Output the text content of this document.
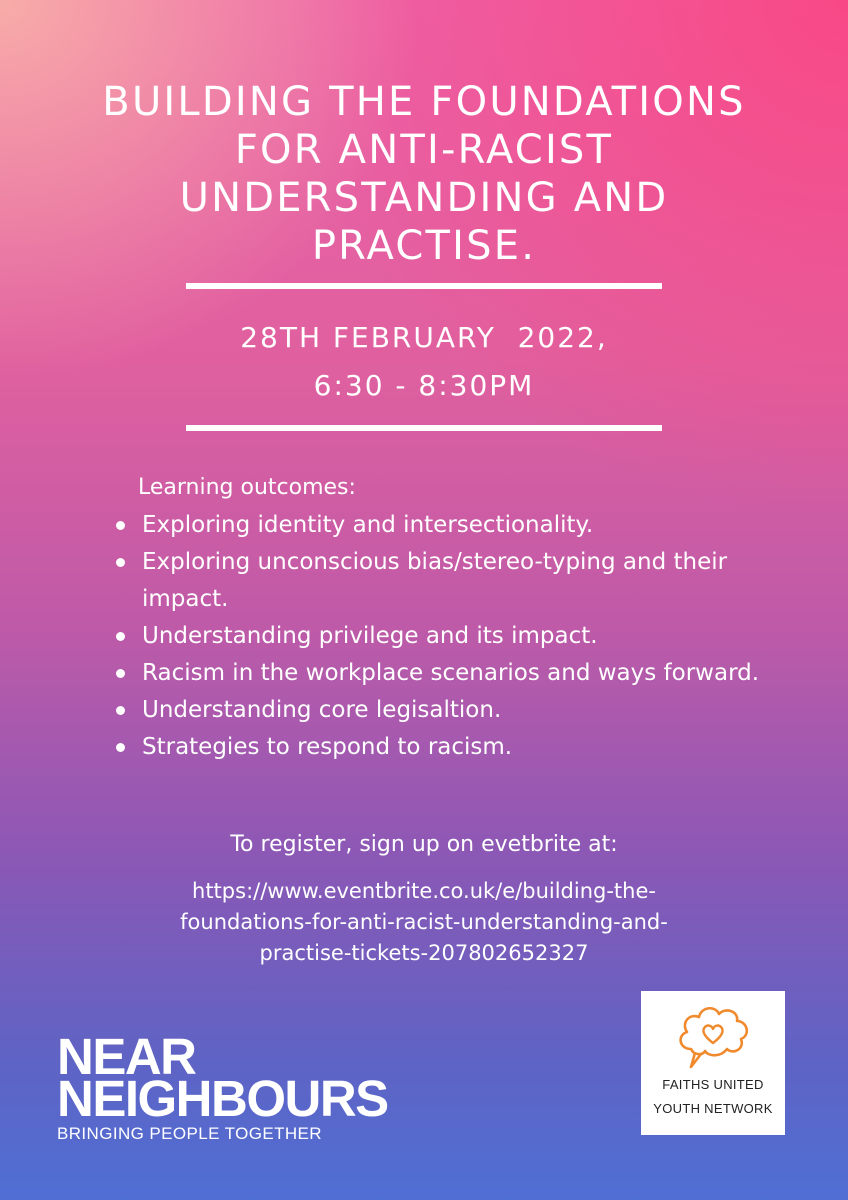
BUILDING THE FOUNDATIONS FOR ANTI-RACIST UNDERSTANDING AND PRACTISE.
28TH FEBRUARY  2022,
6:30 - 8:30PM
Learning outcomes:
Exploring identity and intersectionality.
Exploring unconscious bias/stereo-typing and their impact.
Understanding privilege and its impact.
Racism in the workplace scenarios and ways forward.
Understanding core legisaltion.
Strategies to respond to racism.
To register, sign up on evetbrite at:
https://www.eventbrite.co.uk/e/building-the-
foundations-for-anti-racist-understanding-and-
practise-tickets-207802652327
NEAR
NEIGHBOURS
BRINGING PEOPLE TOGETHER
FAITHS UNITED
YOUTH NETWORK
